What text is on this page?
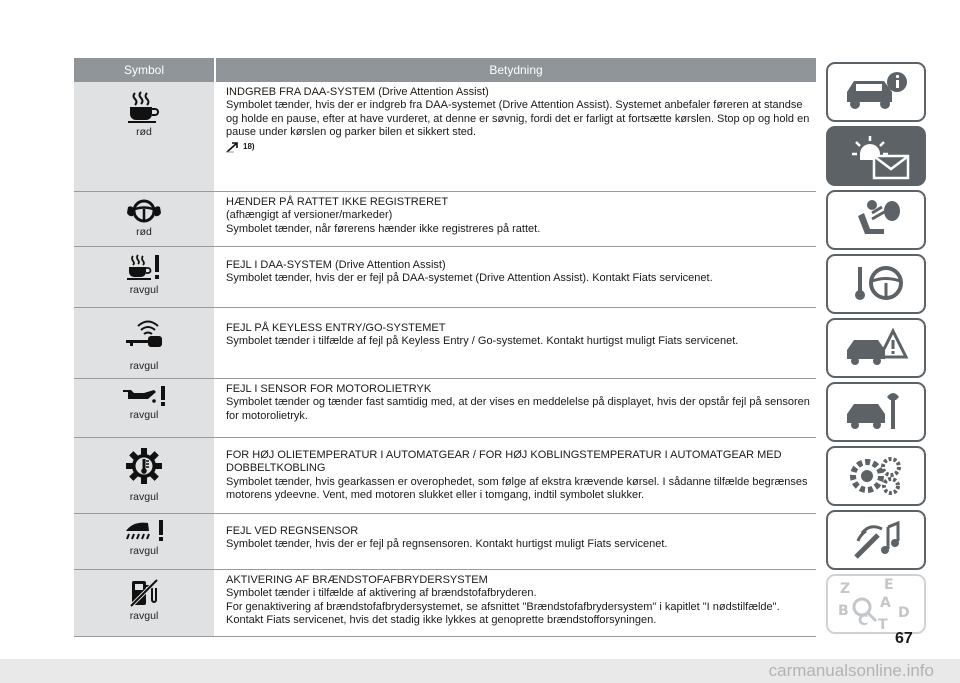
Symbol	Betydning
rød
INDGREB FRA DAA-SYSTEM (Drive Attention Assist)
Symbolet tænder, hvis der er indgreb fra DAA-systemet (Drive Attention Assist). Systemet anbefaler føreren at standse og holde en pause, efter at have vurderet, at denne er søvnig, fordi det er farligt at fortsætte kørslen. Stop op og hold en pause under kørslen og parker bilen et sikkert sted.
18)
rød
HÆNDER PÅ RATTET IKKE REGISTRERET
(afhængigt af versioner/markeder)
Symbolet tænder, når førerens hænder ikke registreres på rattet.
ravgul
FEJL I DAA-SYSTEM (Drive Attention Assist)
Symbolet tænder, hvis der er fejl på DAA-systemet (Drive Attention Assist). Kontakt Fiats servicenet.
ravgul
FEJL PÅ KEYLESS ENTRY/GO-SYSTEMET
Symbolet tænder i tilfælde af fejl på Keyless Entry / Go-systemet. Kontakt hurtigst muligt Fiats servicenet.
ravgul
FEJL I SENSOR FOR MOTOROLIETRYK
Symbolet tænder og tænder fast samtidig med, at der vises en meddelelse på displayet, hvis der opstår fejl på sensoren for motorolietryk.
ravgul
FOR HØJ OLIETEMPERATUR I AUTOMATGEAR / FOR HØJ KOBLINGSTEMPERATUR I AUTOMATGEAR MED DOBBELTKOBLING
Symbolet tænder, hvis gearkassen er overophedet, som følge af ekstra krævende kørsel. I sådanne tilfælde begrænses motorens ydeevne. Vent, med motoren slukket eller i tomgang, indtil symbolet slukker.
ravgul
FEJL VED REGNSENSOR
Symbolet tænder, hvis der er fejl på regnsensoren. Kontakt hurtigst muligt Fiats servicenet.
ravgul
AKTIVERING AF BRÆNDSTOFAFBRYDERSYSTEM
Symbolet tænder i tilfælde af aktivering af brændstofafbryderen.
For genaktivering af brændstofafbrydersystemet, se afsnittet "Brændstofafbrydersystem" i kapitlet "I nødstilfælde". Kontakt Fiats servicenet, hvis det stadig ikke lykkes at genoprette brændstofforsyningen.
Z E
A
B
C D
T
67
carmanualsonline.info
